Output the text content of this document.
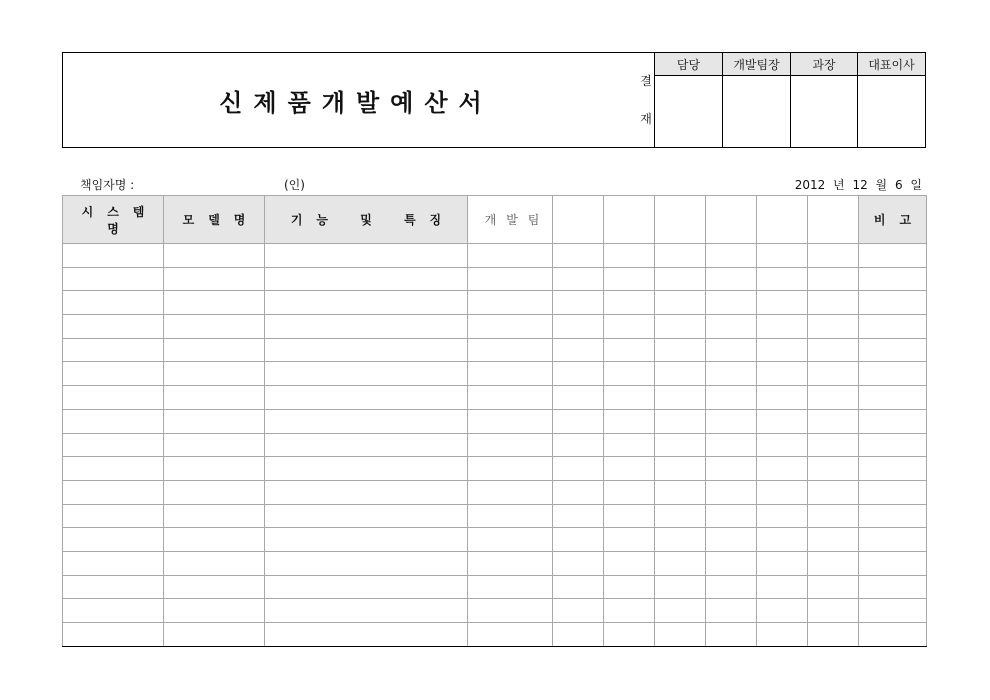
신제품개발예산서
결
재
담당	개발팀장	과장	대표이사
책임자명 :	(인)	2012 년 12 월 6 일
시스템명	모델명	기능 및 특징	개발팀							비고
